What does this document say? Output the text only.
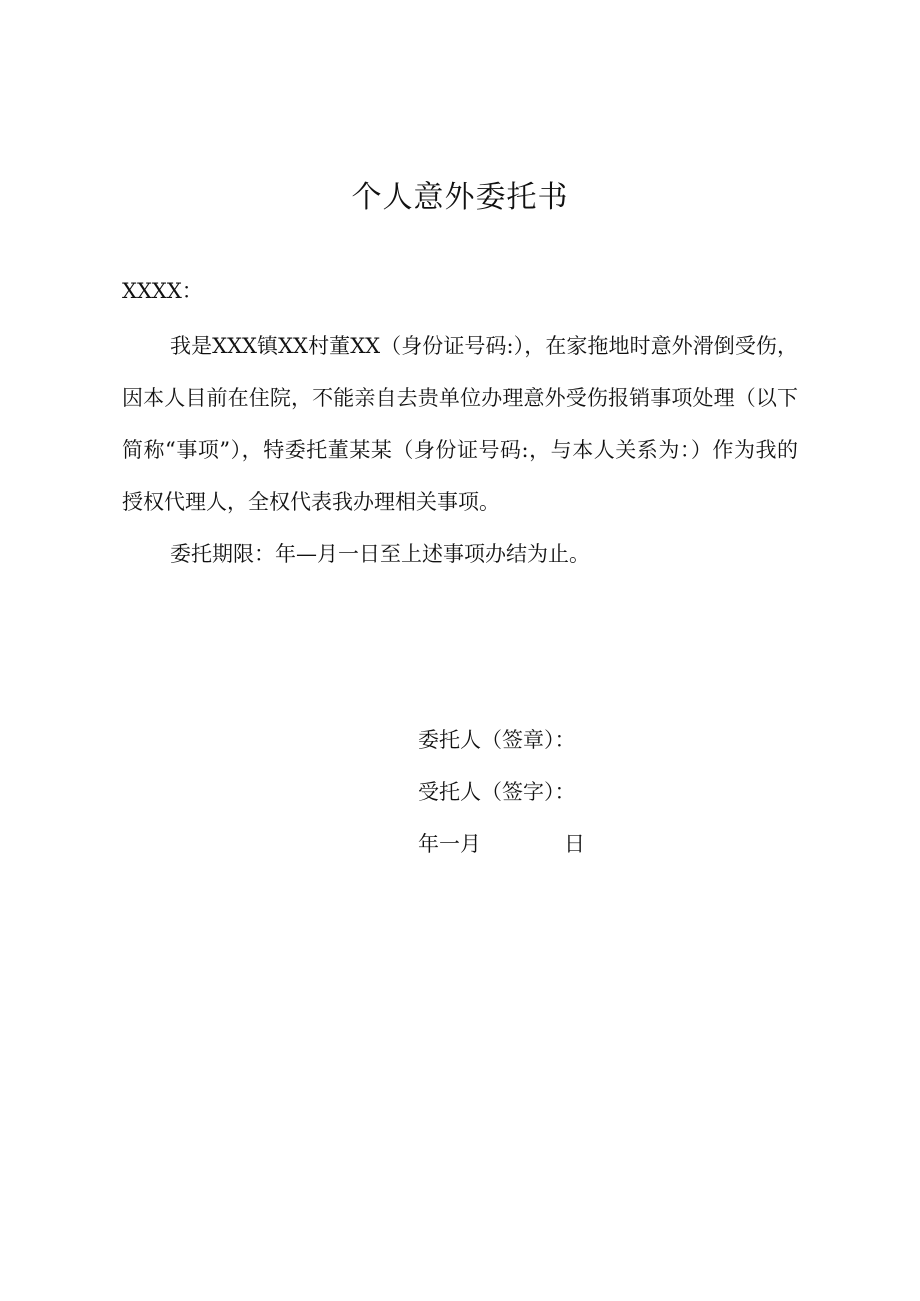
个人意外委托书
XXXX：

我是XXX镇XX村董XX（身份证号码:），在家拖地时意外滑倒受伤，因本人目前在住院，不能亲自去贵单位办理意外受伤报销事项处理（以下简称“事项”），特委托董某某（身份证号码:，与本人关系为：）作为我的授权代理人，全权代表我办理相关事项。

委托期限：年—月一日至上述事项办结为止。

委托人（签章）：
受托人（签字）：
年一月	日
